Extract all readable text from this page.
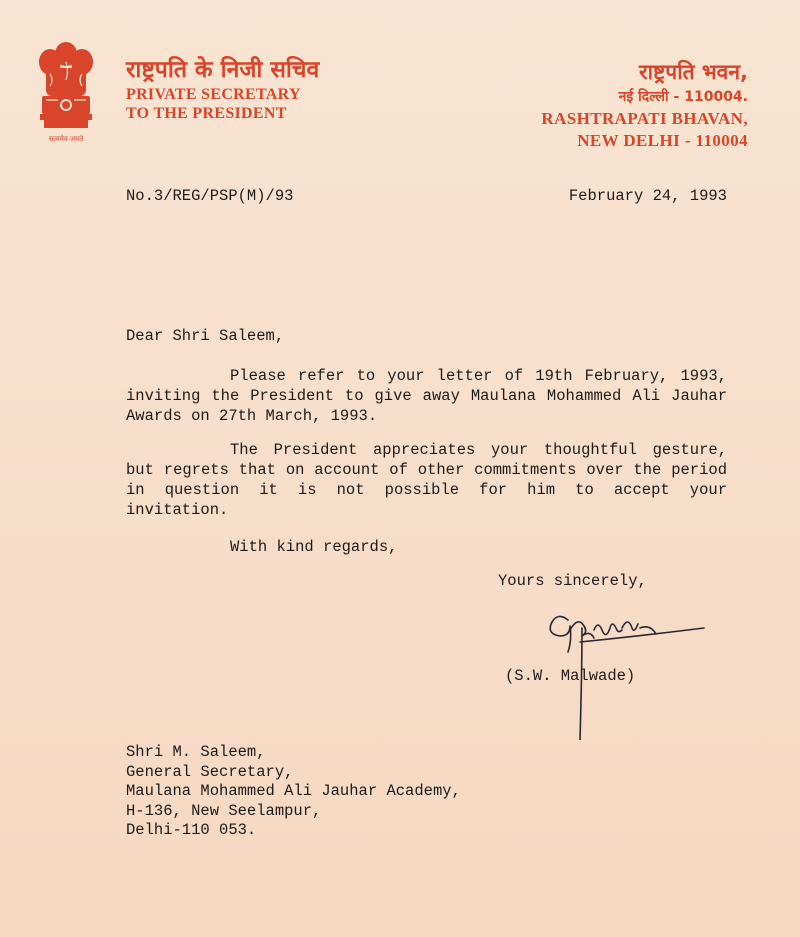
सत्यमेव जयते
राष्ट्रपति के निजी सचिव
PRIVATE SECRETARY
TO THE PRESIDENT
राष्ट्रपति भवन,
नई दिल्ली - 110004.
RASHTRAPATI BHAVAN,
NEW DELHI - 110004
No.3/REG/PSP(M)/93	February 24, 1993
Dear Shri Saleem,
Please refer to your letter of 19th February, 1993, inviting the President to give away Maulana Mohammed Ali Jauhar Awards on 27th March, 1993.
The President appreciates your thoughtful gesture, but regrets that on account of other commitments over the period in question it is not possible for him to accept your invitation.
With kind regards,
Yours sincerely,
(S.W. Malwade)
Shri M. Saleem,
General Secretary,
Maulana Mohammed Ali Jauhar Academy,
H-136, New Seelampur,
Delhi-110 053.
